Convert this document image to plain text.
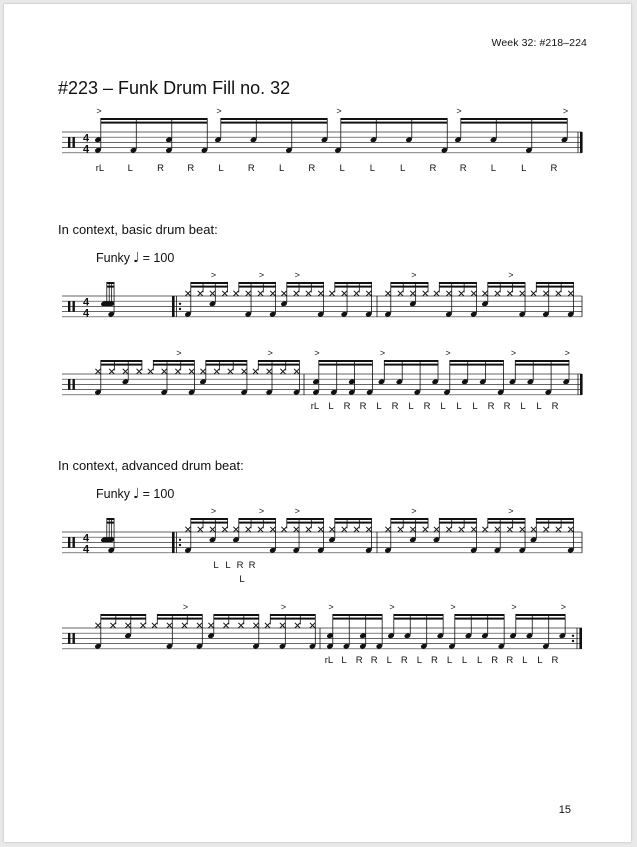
Week 32: #218–224
#223 – Funk Drum Fill no. 32
4
4
>	>	>	>	>
4
4
>	>	>	>	>
>	>	>	>	>	>	>
4
4
>	>	>	>	>
>	>	>	>	>	>	>
rL	L	R R	L	R	L	R	L	L	L	R R	L	L	R
In context, basic drum beat:
Funky ♩ = 100
rL L	R R	L	R	L	R	L	L	L	R R	L	L	R
In context, advanced drum beat:
Funky ♩ = 100
L L R R
L
rL L R R L R L R L	L	L R R L	L R
15
